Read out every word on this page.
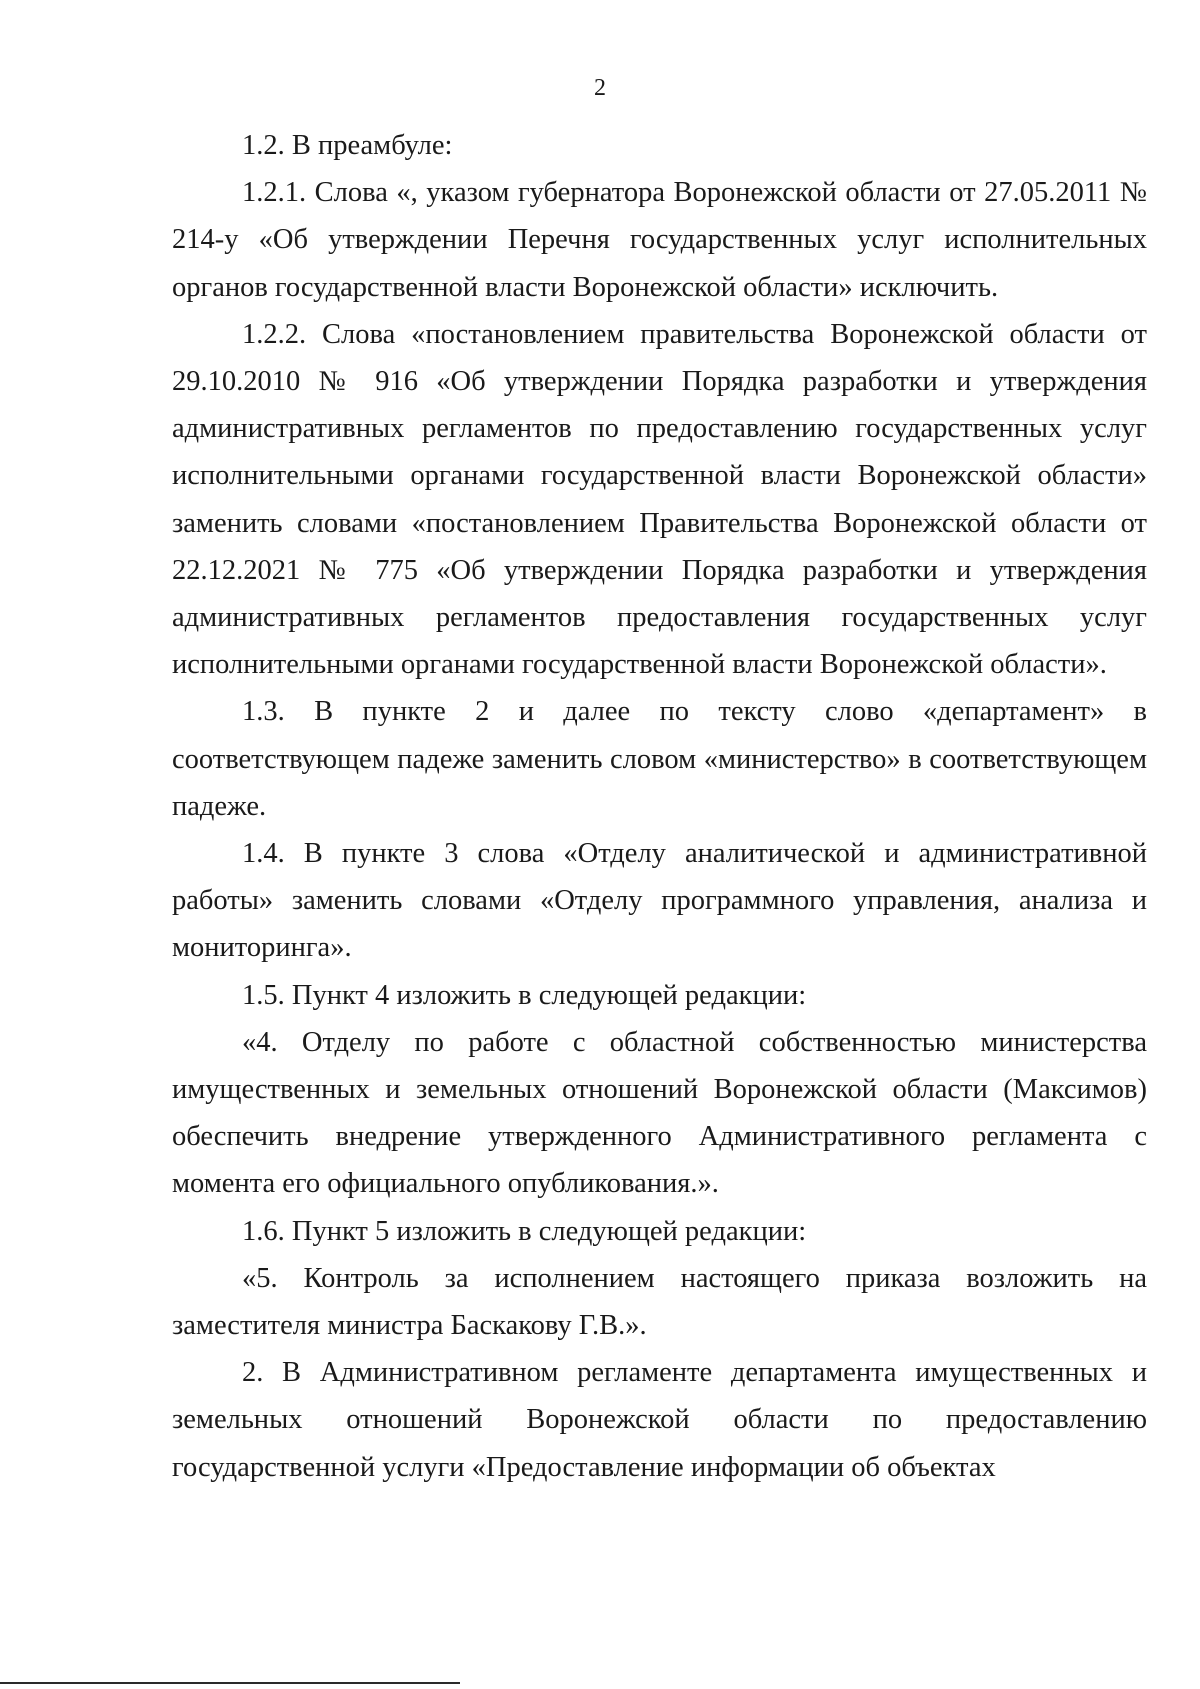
2

1.2. В преамбуле:

1.2.1. Слова «, указом губернатора Воронежской области от 27.05.2011 № 214-у «Об утверждении Перечня государственных услуг исполнительных органов государственной власти Воронежской области» исключить.

1.2.2. Слова «постановлением правительства Воронежской области от 29.10.2010 № 916 «Об утверждении Порядка разработки и утверждения административных регламентов по предоставлению государственных услуг исполнительными органами государственной власти Воронежской области» заменить словами «постановлением Правительства Воронежской области от 22.12.2021 № 775 «Об утверждении Порядка разработки и утверждения административных регламентов предоставления государственных услуг исполнительными органами государственной власти Воронежской области».

1.3. В пункте 2 и далее по тексту слово «департамент» в соответствующем падеже заменить словом «министерство» в соответствующем падеже.

1.4. В пункте 3 слова «Отделу аналитической и административной работы» заменить словами «Отделу программного управления, анализа и мониторинга».

1.5. Пункт 4 изложить в следующей редакции:

«4. Отделу по работе с областной собственностью министерства имущественных и земельных отношений Воронежской области (Максимов) обеспечить внедрение утвержденного Административного регламента с момента его официального опубликования.».

1.6. Пункт 5 изложить в следующей редакции:

«5. Контроль за исполнением настоящего приказа возложить на заместителя министра Баскакову Г.В.».

2. В Административном регламенте департамента имущественных и земельных отношений Воронежской области по предоставлению государственной услуги «Предоставление информации об объектах
